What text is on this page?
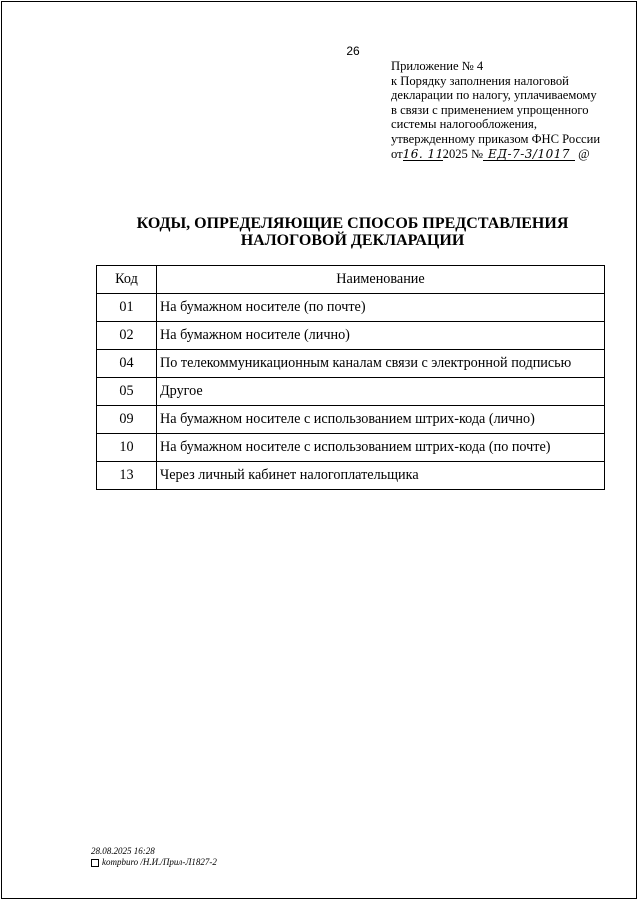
26
Приложение № 4
к Порядку заполнения налоговой
декларации по налогу, уплачиваемому
в связи с применением упрощенного
системы налогообложения,
утвержденному приказом ФНС России
от16. 11.2025 № ЕД-7-3/1017 @
КОДЫ, ОПРЕДЕЛЯЮЩИЕ СПОСОБ ПРЕДСТАВЛЕНИЯ
НАЛОГОВОЙ ДЕКЛАРАЦИИ
Код	Наименование
01	На бумажном носителе (по почте)
02	На бумажном носителе (лично)
04	По телекоммуникационным каналам связи с электронной подписью
05	Другое
09	На бумажном носителе с использованием штрих-кода (лично)
10	На бумажном носителе с использованием штрих-кода (по почте)
13	Через личный кабинет налогоплательщика
28.08.2025 16:28
kompburo /Н.И./Прил-Л1827-2
